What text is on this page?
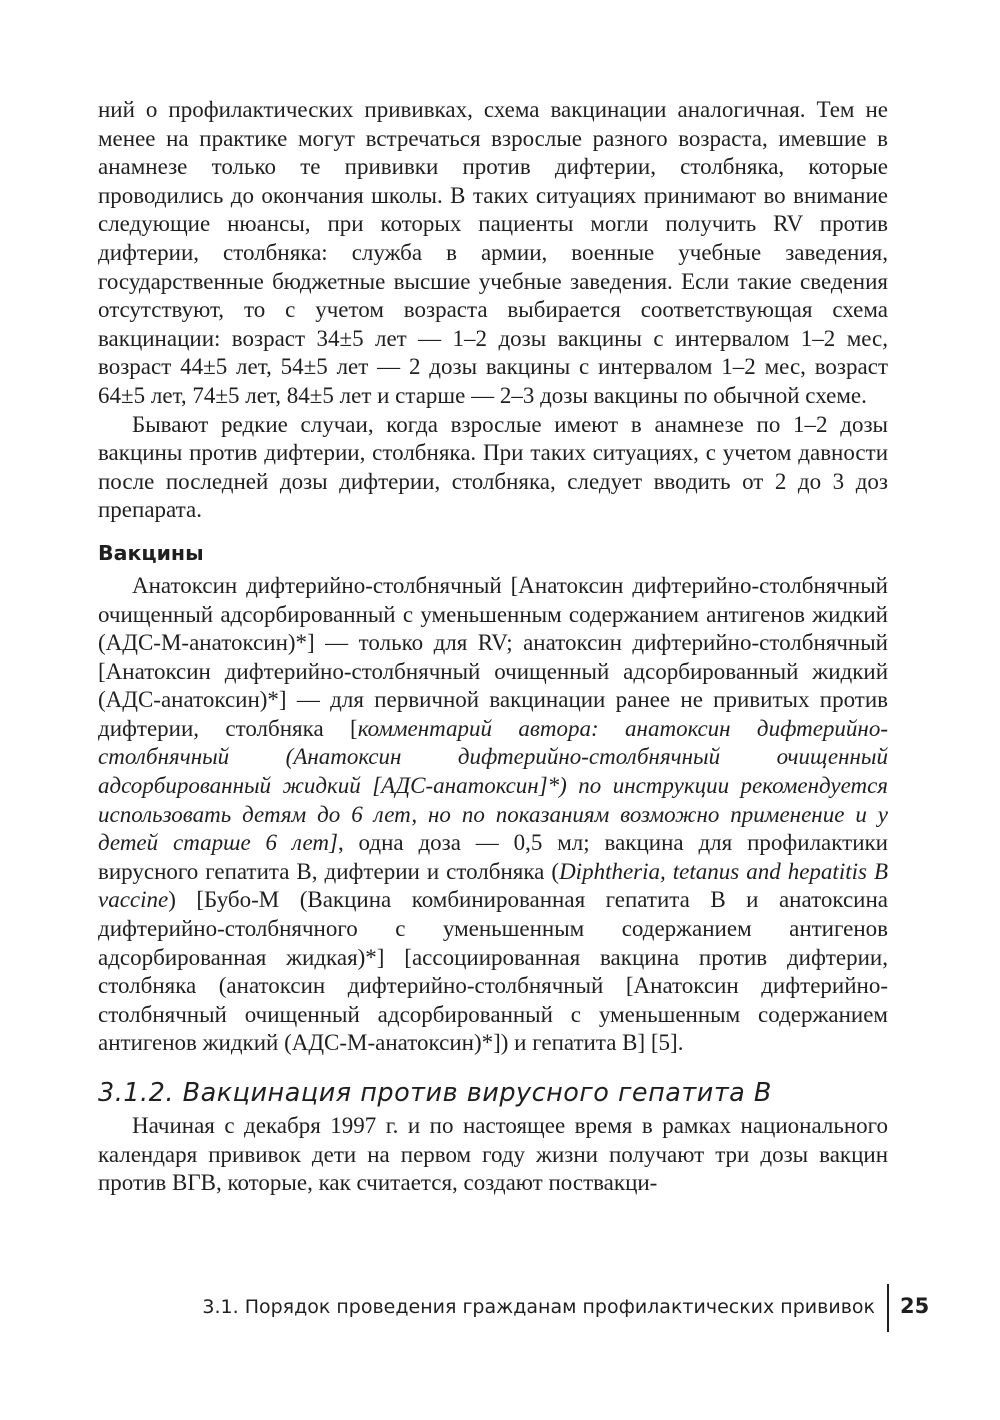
ний о профилактических прививках, схема вакцинации аналогичная. Тем не менее на практике могут встречаться взрослые разного возраста, имевшие в анамнезе только те прививки против дифтерии, столбняка, которые проводились до окончания школы. В таких ситуациях принимают во внимание следующие нюансы, при которых пациенты могли получить RV против дифтерии, столбняка: служба в армии, военные учебные заведения, государственные бюджетные высшие учебные заведения. Если такие сведения отсутствуют, то с учетом возраста выбирается соответствующая схема вакцинации: возраст 34±5 лет — 1–2 дозы вакцины с интервалом 1–2 мес, возраст 44±5 лет, 54±5 лет — 2 дозы вакцины с интервалом 1–2 мес, возраст 64±5 лет, 74±5 лет, 84±5 лет и старше — 2–3 дозы вакцины по обычной схеме.

Бывают редкие случаи, когда взрослые имеют в анамнезе по 1–2 дозы вакцины против дифтерии, столбняка. При таких ситуациях, с учетом давности после последней дозы дифтерии, столбняка, следует вводить от 2 до 3 доз препарата.

Вакцины

Анатоксин дифтерийно-столбнячный [Анатоксин дифтерийно-столбнячный очищенный адсорбированный с уменьшенным содержанием антигенов жидкий (АДС-М-анатоксин)*] — только для RV; анатоксин дифтерийно-столбнячный [Анатоксин дифтерийно-столбнячный очищенный адсорбированный жидкий (АДС-анатоксин)*] — для первичной вакцинации ранее не привитых против дифтерии, столбняка [комментарий автора: анатоксин дифтерийно-столбнячный (Анатоксин дифтерийно-столбнячный очищенный адсорбированный жидкий [АДС-анатоксин]*) по инструкции рекомендуется использовать детям до 6 лет, но по показаниям возможно применение и у детей старше 6 лет], одна доза — 0,5 мл; вакцина для профилактики вирусного гепатита В, дифтерии и столбняка (Diphtheria, tetanus and hepatitis B vaccine) [Бубо-М (Вакцина комбинированная гепатита В и анатоксина дифтерийно-столбнячного с уменьшенным содержанием антигенов адсорбированная жидкая)*] [ассоциированная вакцина против дифтерии, столбняка (анатоксин дифтерийно-столбнячный [Анатоксин дифтерийно-столбнячный очищенный адсорбированный с уменьшенным содержанием антигенов жидкий (АДС-М-анатоксин)*]) и гепатита В] [5].

3.1.2. Вакцинация против вирусного гепатита В

Начиная с декабря 1997 г. и по настоящее время в рамках национального календаря прививок дети на первом году жизни получают три дозы вакцин против ВГВ, которые, как считается, создают поствакци-

3.1. Порядок проведения гражданам профилактических прививок 25
